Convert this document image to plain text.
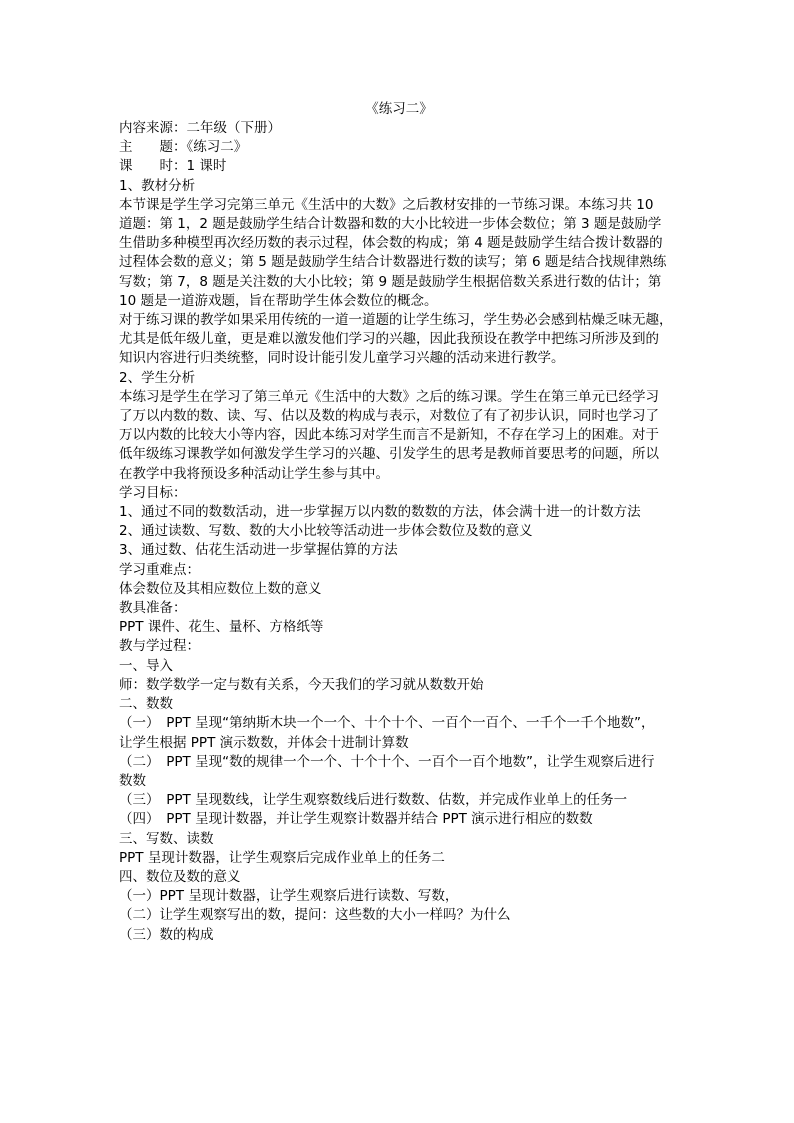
《练习二》

内容来源：二年级（下册）

主　　题：《练习二》

课　　时：1 课时

1、教材分析

本节课是学生学习完第三单元《生活中的大数》之后教材安排的一节练习课。本练习共 10

道题：第 1，2 题是鼓励学生结合计数器和数的大小比较进一步体会数位；第 3 题是鼓励学

生借助多种模型再次经历数的表示过程，体会数的构成；第 4 题是鼓励学生结合拨计数器的

过程体会数的意义；第 5 题是鼓励学生结合计数器进行数的读写；第 6 题是结合找规律熟练

写数；第 7，8 题是关注数的大小比较；第 9 题是鼓励学生根据倍数关系进行数的估计；第

10 题是一道游戏题，旨在帮助学生体会数位的概念。

对于练习课的教学如果采用传统的一道一道题的让学生练习，学生势必会感到枯燥乏味无趣，

尤其是低年级儿童，更是难以激发他们学习的兴趣，因此我预设在教学中把练习所涉及到的

知识内容进行归类统整，同时设计能引发儿童学习兴趣的活动来进行教学。

2、学生分析

本练习是学生在学习了第三单元《生活中的大数》之后的练习课。学生在第三单元已经学习

了万以内数的数、读、写、估以及数的构成与表示，对数位了有了初步认识，同时也学习了

万以内数的比较大小等内容，因此本练习对学生而言不是新知，不存在学习上的困难。对于

低年级练习课教学如何激发学生学习的兴趣、引发学生的思考是教师首要思考的问题，所以

在教学中我将预设多种活动让学生参与其中。

学习目标：

1、通过不同的数数活动，进一步掌握万以内数的数数的方法，体会满十进一的计数方法

2、通过读数、写数、数的大小比较等活动进一步体会数位及数的意义

3、通过数、估花生活动进一步掌握估算的方法

学习重难点：

体会数位及其相应数位上数的意义

教具准备：

PPT 课件、花生、量杯、方格纸等

教与学过程：

一、导入

师：数学数学一定与数有关系，今天我们的学习就从数数开始

二、数数

（一）　PPT 呈现“第纳斯木块一个一个、十个十个、一百个一百个、一千个一千个地数”，

让学生根据 PPT 演示数数，并体会十进制计算数

（二）　PPT 呈现“数的规律一个一个、十个十个、一百个一百个地数”，让学生观察后进行

数数

（三）　PPT 呈现数线，让学生观察数线后进行数数、估数，并完成作业单上的任务一

（四）　PPT 呈现计数器，并让学生观察计数器并结合 PPT 演示进行相应的数数

三、写数、读数

PPT 呈现计数器，让学生观察后完成作业单上的任务二

四、数位及数的意义

（一）PPT 呈现计数器，让学生观察后进行读数、写数，

（二）让学生观察写出的数，提问：这些数的大小一样吗？为什么

（三）数的构成
